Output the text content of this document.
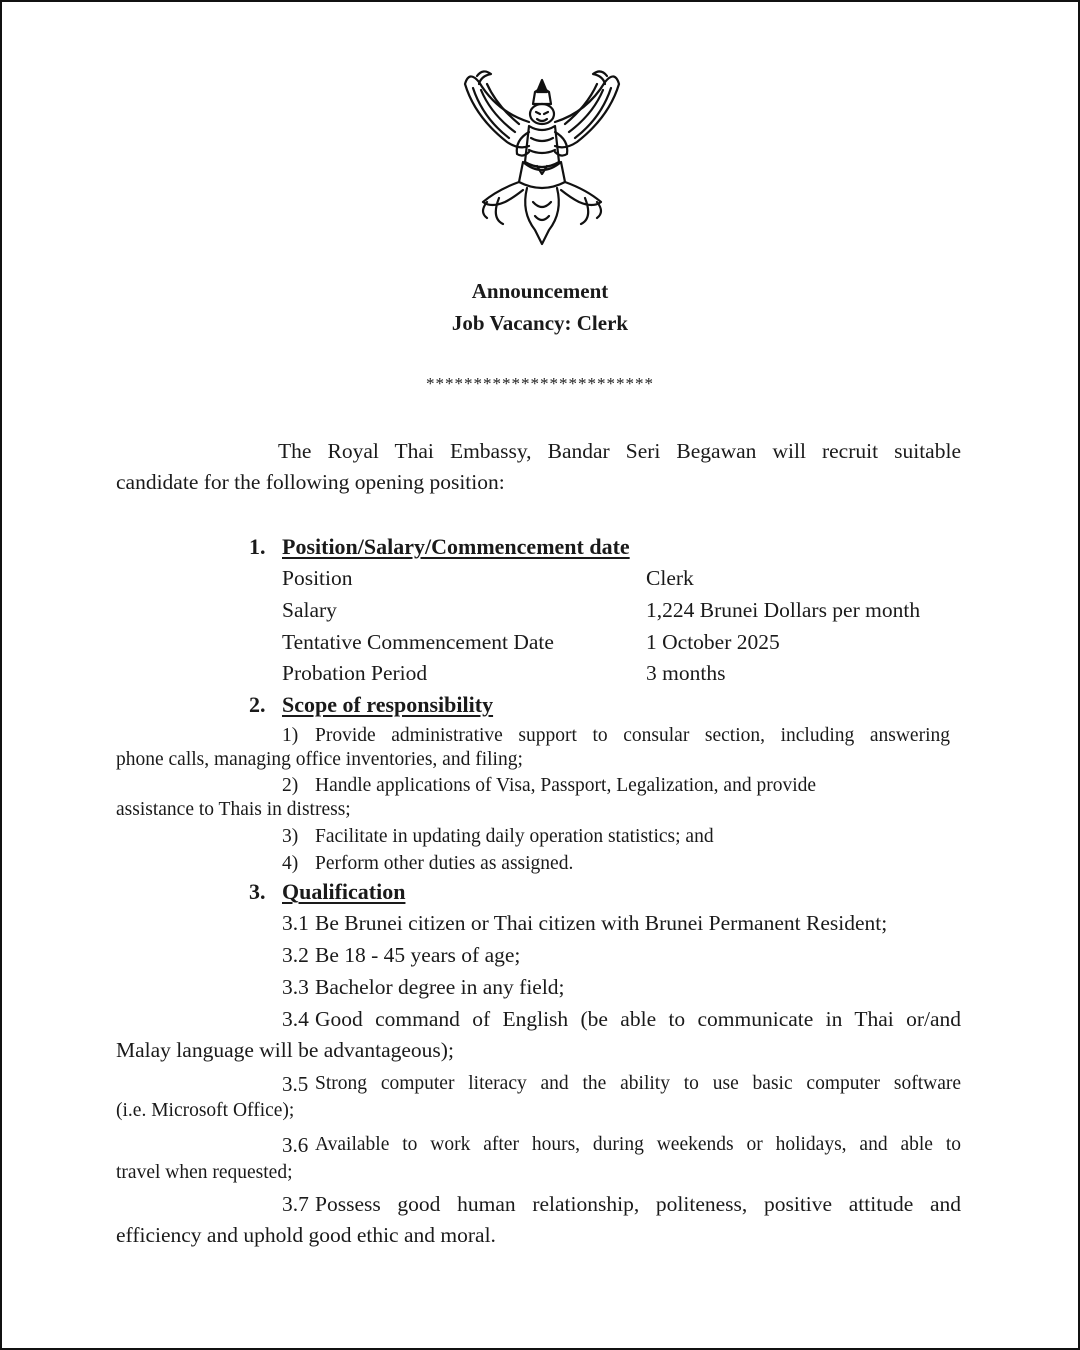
Announcement
Job Vacancy: Clerk
************************
The Royal Thai Embassy, Bandar Seri Begawan will recruit suitable
candidate for the following opening position:
1. Position/Salary/Commencement date
Position	Clerk
Salary	1,224 Brunei Dollars per month
Tentative Commencement Date	1 October 2025
Probation Period	3 months
2. Scope of responsibility
1) Provide administrative support to consular section, including answering
phone calls, managing office inventories, and filing;
2) Handle applications of Visa, Passport, Legalization, and provide
assistance to Thais in distress;
3) Facilitate in updating daily operation statistics; and
4) Perform other duties as assigned.
3. Qualification
3.1 Be Brunei citizen or Thai citizen with Brunei Permanent Resident;
3.2 Be 18 - 45 years of age;
3.3 Bachelor degree in any field;
3.4 Good command of English (be able to communicate in Thai or/and
Malay language will be advantageous);
3.5 Strong computer literacy and the ability to use basic computer software
(i.e. Microsoft Office);
3.6 Available to work after hours, during weekends or holidays, and able to
travel when requested;
3.7 Possess good human relationship, politeness, positive attitude and
efficiency and uphold good ethic and moral.
